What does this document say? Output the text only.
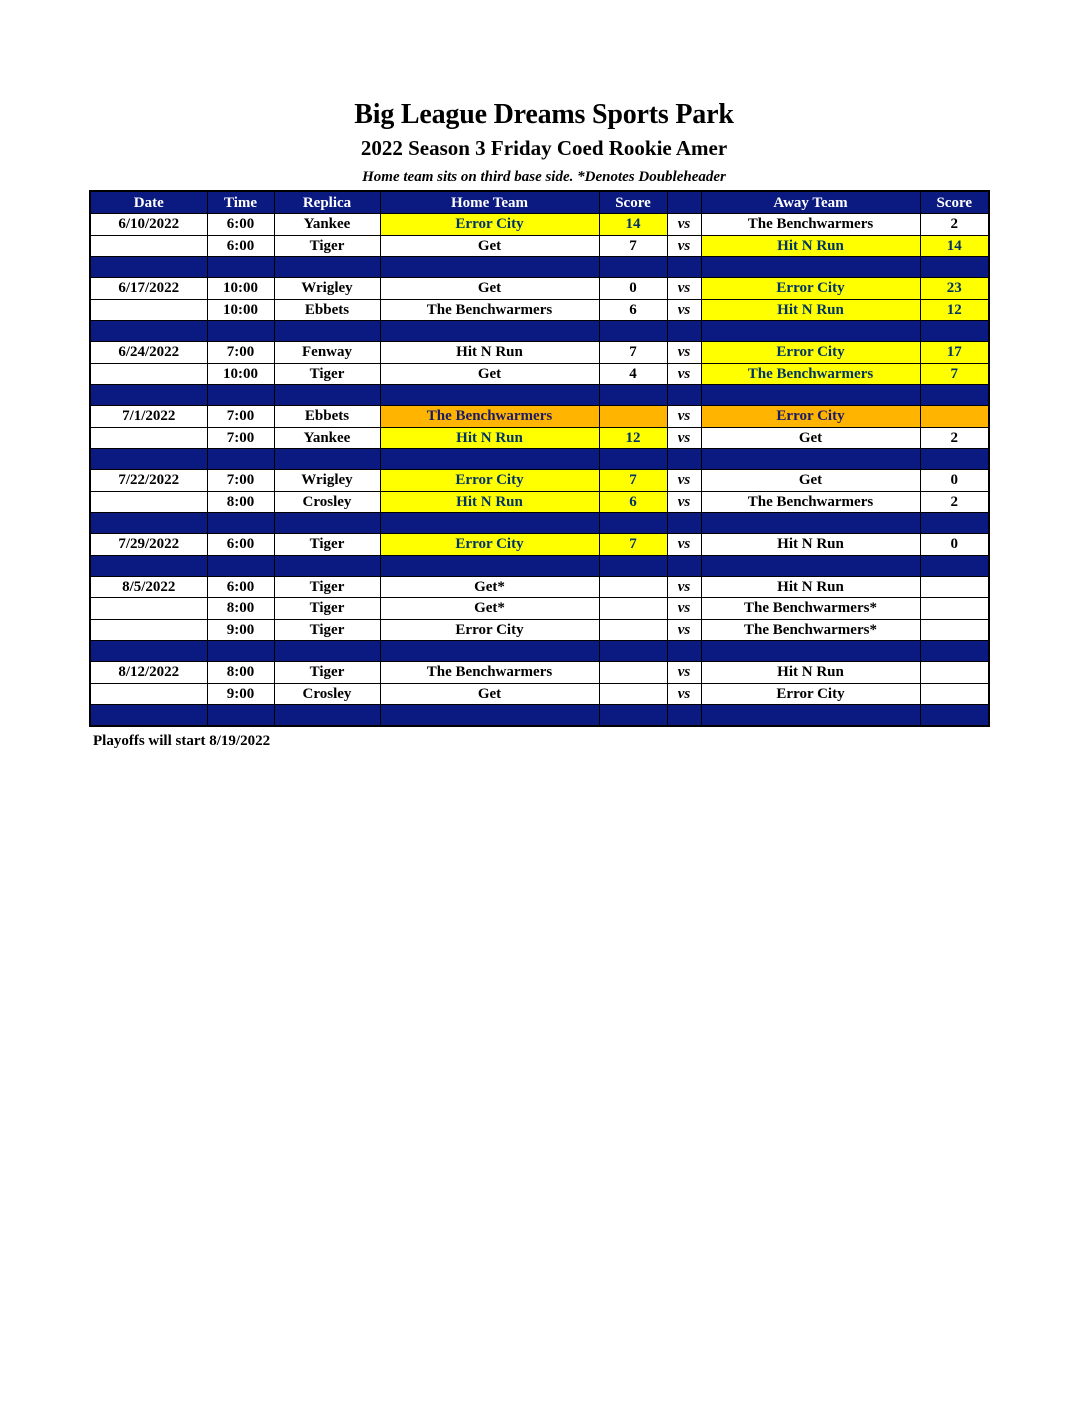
Big League Dreams Sports Park
2022 Season 3 Friday Coed Rookie Amer
Home team sits on third base side. *Denotes Doubleheader
Date	Time	Replica	Home Team	Score		Away Team	Score
6/10/2022	6:00	Yankee	Error City	14	vs	The Benchwarmers	2
	6:00	Tiger	Get	7	vs	Hit N Run	14

6/17/2022	10:00	Wrigley	Get	0	vs	Error City	23
	10:00	Ebbets	The Benchwarmers	6	vs	Hit N Run	12

6/24/2022	7:00	Fenway	Hit N Run	7	vs	Error City	17
	10:00	Tiger	Get	4	vs	The Benchwarmers	7

7/1/2022	7:00	Ebbets	The Benchwarmers		vs	Error City	
	7:00	Yankee	Hit N Run	12	vs	Get	2

7/22/2022	7:00	Wrigley	Error City	7	vs	Get	0
	8:00	Crosley	Hit N Run	6	vs	The Benchwarmers	2

7/29/2022	6:00	Tiger	Error City	7	vs	Hit N Run	0

8/5/2022	6:00	Tiger	Get*		vs	Hit N Run	
	8:00	Tiger	Get*		vs	The Benchwarmers*	
	9:00	Tiger	Error City		vs	The Benchwarmers*	

8/12/2022	8:00	Tiger	The Benchwarmers		vs	Hit N Run	
	9:00	Crosley	Get		vs	Error City	

Playoffs will start 8/19/2022
